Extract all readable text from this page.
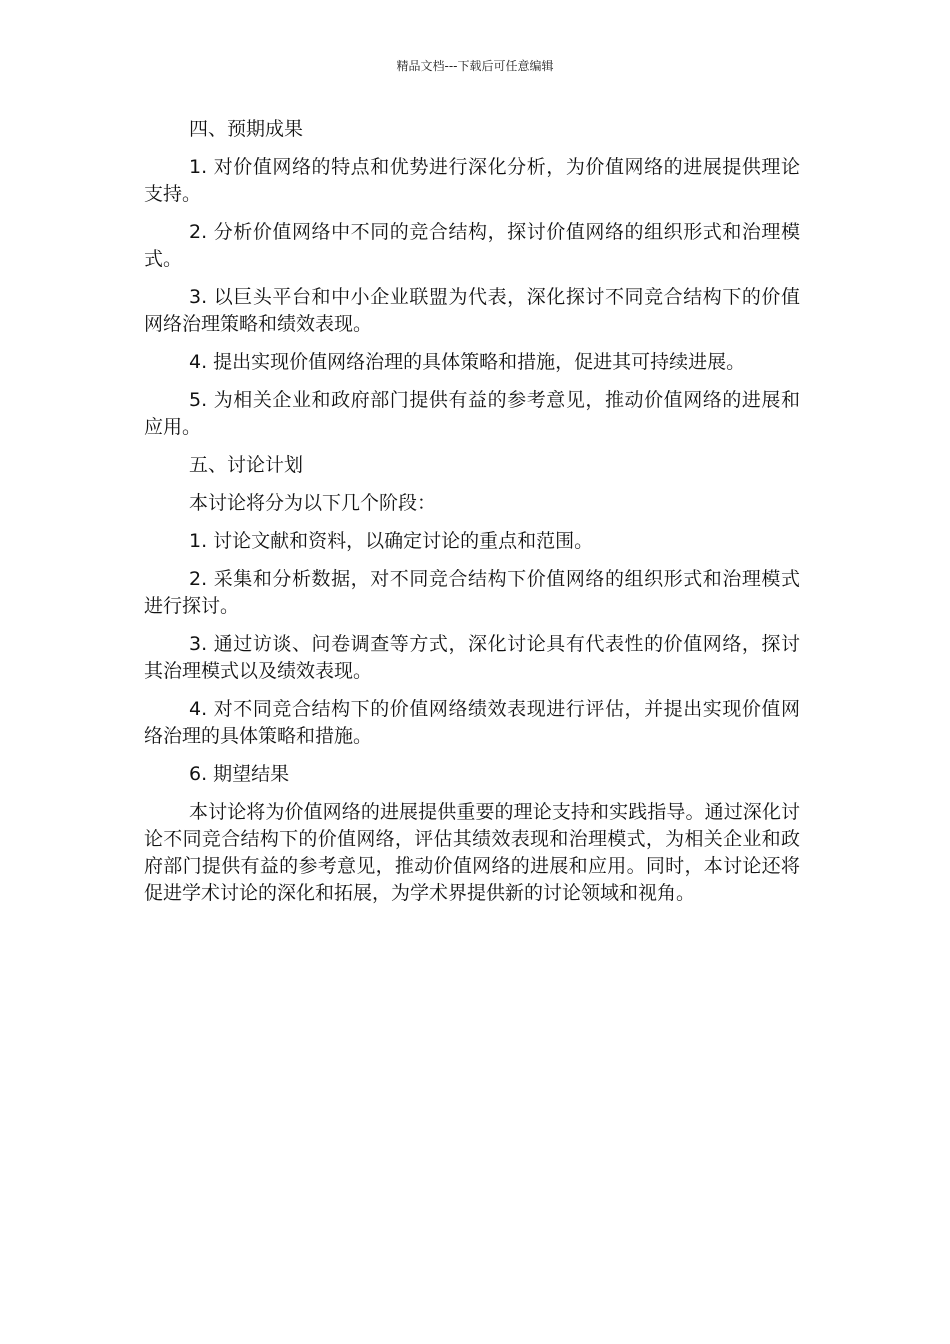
精品文档---下载后可任意编辑

四、预期成果

1. 对价值网络的特点和优势进行深化分析，为价值网络的进展提供理论支持。

2. 分析价值网络中不同的竞合结构，探讨价值网络的组织形式和治理模式。

3. 以巨头平台和中小企业联盟为代表，深化探讨不同竞合结构下的价值网络治理策略和绩效表现。

4. 提出实现价值网络治理的具体策略和措施，促进其可持续进展。

5. 为相关企业和政府部门提供有益的参考意见，推动价值网络的进展和应用。

五、讨论计划

本讨论将分为以下几个阶段：

1. 讨论文献和资料，以确定讨论的重点和范围。

2. 采集和分析数据，对不同竞合结构下价值网络的组织形式和治理模式进行探讨。

3. 通过访谈、问卷调查等方式，深化讨论具有代表性的价值网络，探讨其治理模式以及绩效表现。

4. 对不同竞合结构下的价值网络绩效表现进行评估，并提出实现价值网络治理的具体策略和措施。

6. 期望结果

本讨论将为价值网络的进展提供重要的理论支持和实践指导。通过深化讨论不同竞合结构下的价值网络，评估其绩效表现和治理模式，为相关企业和政府部门提供有益的参考意见，推动价值网络的进展和应用。同时，本讨论还将促进学术讨论的深化和拓展，为学术界提供新的讨论领域和视角。
